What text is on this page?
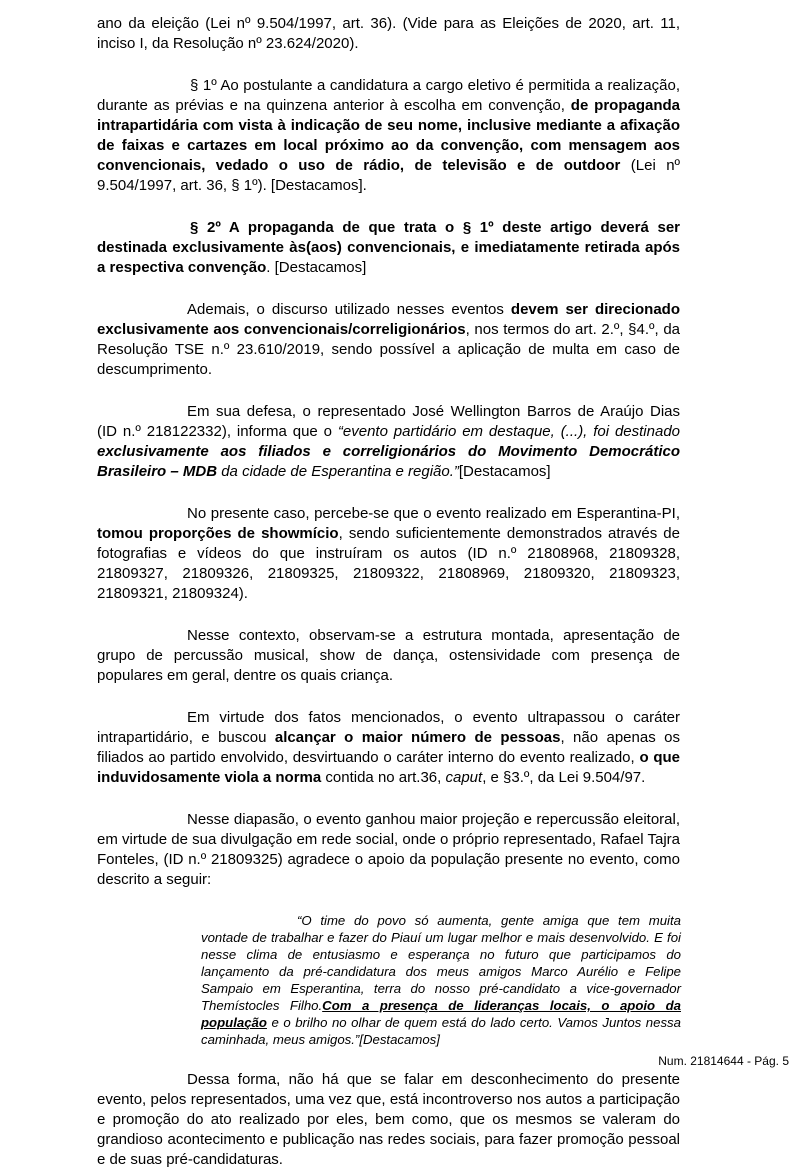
ano da eleição (Lei nº 9.504/1997, art. 36). (Vide para as Eleições de 2020, art. 11, inciso I, da Resolução nº 23.624/2020).

§ 1º Ao postulante a candidatura a cargo eletivo é permitida a realização, durante as prévias e na quinzena anterior à escolha em convenção, de propaganda intrapartidária com vista à indicação de seu nome, inclusive mediante a afixação de faixas e cartazes em local próximo ao da convenção, com mensagem aos convencionais, vedado o uso de rádio, de televisão e de outdoor (Lei nº 9.504/1997, art. 36, § 1º). [Destacamos].

§ 2º A propaganda de que trata o § 1º deste artigo deverá ser destinada exclusivamente às(aos) convencionais, e imediatamente retirada após a respectiva convenção. [Destacamos]

Ademais, o discurso utilizado nesses eventos devem ser direcionado exclusivamente aos convencionais/correligionários, nos termos do art. 2.º, §4.º, da Resolução TSE n.º 23.610/2019, sendo possível a aplicação de multa em caso de descumprimento.

Em sua defesa, o representado José Wellington Barros de Araújo Dias (ID n.º 218122332), informa que o “evento partidário em destaque, (...), foi destinado exclusivamente aos filiados e correligionários do Movimento Democrático Brasileiro – MDB da cidade de Esperantina e região.”[Destacamos]

No presente caso, percebe-se que o evento realizado em Esperantina-PI, tomou proporções de showmício, sendo suficientemente demonstrados através de fotografias e vídeos do que instruíram os autos (ID n.º 21808968, 21809328, 21809327, 21809326, 21809325, 21809322, 21808969, 21809320, 21809323, 21809321, 21809324).

Nesse contexto, observam-se a estrutura montada, apresentação de grupo de percussão musical, show de dança, ostensividade com presença de populares em geral, dentre os quais criança.

Em virtude dos fatos mencionados, o evento ultrapassou o caráter intrapartidário, e buscou alcançar o maior número de pessoas, não apenas os filiados ao partido envolvido, desvirtuando o caráter interno do evento realizado, o que induvidosamente viola a norma contida no art.36, caput, e §3.º, da Lei 9.504/97.

Nesse diapasão, o evento ganhou maior projeção e repercussão eleitoral, em virtude de sua divulgação em rede social, onde o próprio representado, Rafael Tajra Fonteles, (ID n.º 21809325) agradece o apoio da população presente no evento, como descrito a seguir:

“O time do povo só aumenta, gente amiga que tem muita vontade de trabalhar e fazer do Piauí um lugar melhor e mais desenvolvido. E foi nesse clima de entusiasmo e esperança no futuro que participamos do lançamento da pré-candidatura dos meus amigos Marco Aurélio e Felipe Sampaio em Esperantina, terra do nosso pré-candidato a vice-governador Themístocles Filho.Com a presença de lideranças locais, o apoio da população e o brilho no olhar de quem está do lado certo. Vamos Juntos nessa caminhada, meus amigos.”[Destacamos]

Dessa forma, não há que se falar em desconhecimento do presente evento, pelos representados, uma vez que, está incontroverso nos autos a participação e promoção do ato realizado por eles, bem como, que os mesmos se valeram do grandioso acontecimento e publicação nas redes sociais, para fazer promoção pessoal e de suas pré-candidaturas.

Num. 21814644 - Pág. 5
